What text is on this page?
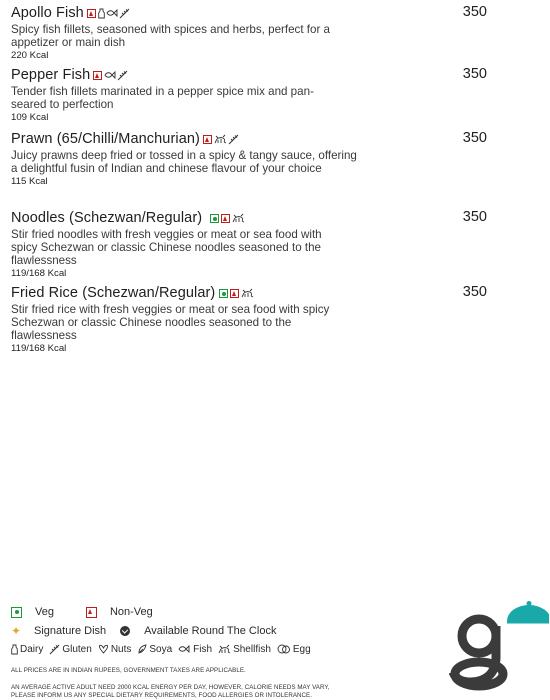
Apollo Fish	350
Spicy fish fillets, seasoned with spices and herbs, perfect for a appetizer or main dish
220 Kcal
Pepper Fish	350
Tender fish fillets marinated in a pepper spice mix and pan-seared to perfection
109 Kcal
Prawn (65/Chilli/Manchurian)	350
Juicy prawns deep fried or tossed in a spicy & tangy sauce, offering a delightful fusin of Indian and chinese flavour of your choice
115 Kcal
Noodles (Schezwan/Regular)	350
Stir fried noodles with fresh veggies or meat or sea food with spicy Schezwan or classic Chinese noodles seasoned to the flawlessness
119/168 Kcal
Fried Rice (Schezwan/Regular)	350
Stir fried rice with fresh veggies or meat or sea food with spicy Schezwan or classic Chinese noodles seasoned to the flawlessness
119/168 Kcal
Veg	Non-Veg
✦ Signature Dish	Available Round The Clock
Dairy Gluten Nuts Soya Fish Shellfish Egg
ALL PRICES ARE IN INDIAN RUPEES, GOVERNMENT TAXES ARE APPLICABLE.
AN AVERAGE ACTIVE ADULT NEED 2000 KCAL ENERGY PER DAY, HOWEVER, CALORIE NEEDS MAY VARY,
PLEASE INFORM US ANY SPECIAL DIETARY REQUIREMENTS, FOOD ALLERGIES OR INTOLERANCE.
